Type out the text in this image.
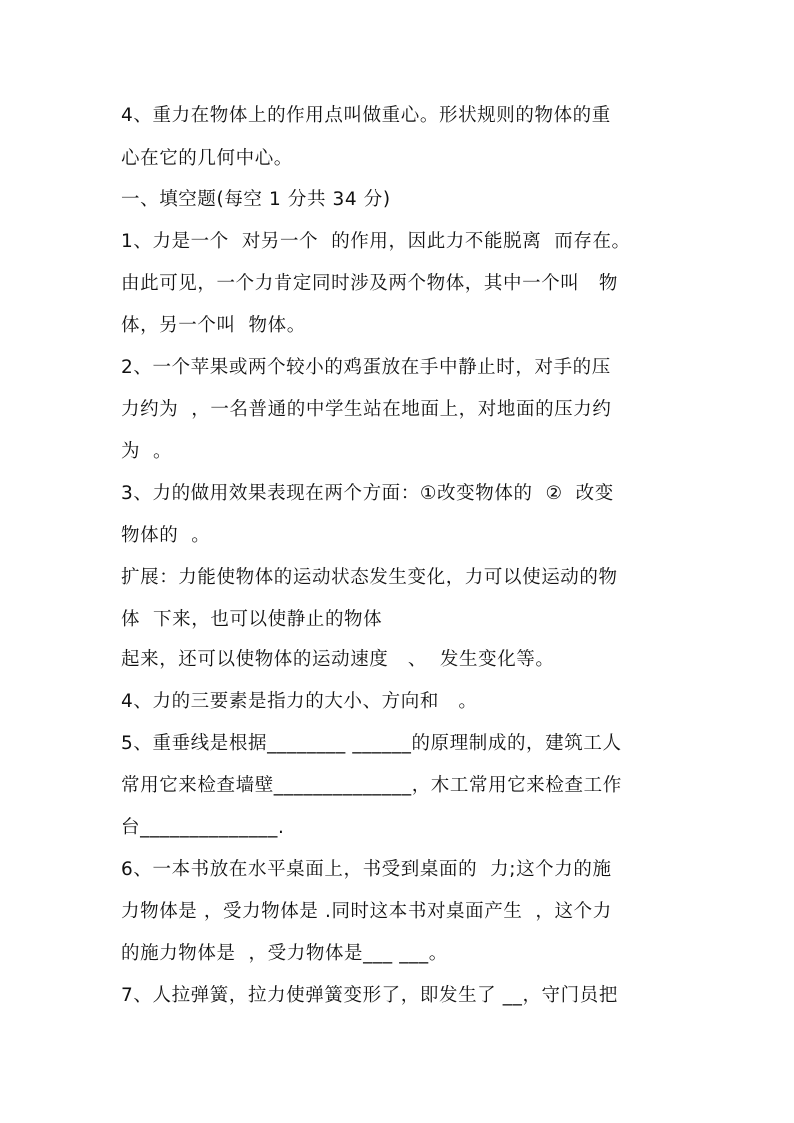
4、重力在物体上的作用点叫做重心。形状规则的物体的重
心在它的几何中心。
一、填空题(每空 1 分共 34 分)
1、力是一个  对另一个  的作用，因此力不能脱离  而存在。
由此可见，一个力肯定同时涉及两个物体，其中一个叫   物
体，另一个叫  物体。
2、一个苹果或两个较小的鸡蛋放在手中静止时，对手的压
力约为  ，一名普通的中学生站在地面上，对地面的压力约
为  。
3、力的做用效果表现在两个方面：①改变物体的  ②  改变
物体的  。
扩展：力能使物体的运动状态发生变化，力可以使运动的物
体  下来，也可以使静止的物体
起来，还可以使物体的运动速度   、  发生变化等。
4、力的三要素是指力的大小、方向和   。
5、重垂线是根据________ ______的原理制成的，建筑工人
常用它来检查墙壁______________，木工常用它来检查工作
台______________.
6、一本书放在水平桌面上，书受到桌面的  力;这个力的施
力物体是 ，受力物体是 .同时这本书对桌面产生  ，这个力
的施力物体是  ，受力物体是___ ___。
7、人拉弹簧，拉力使弹簧变形了，即发生了 __，守门员把
